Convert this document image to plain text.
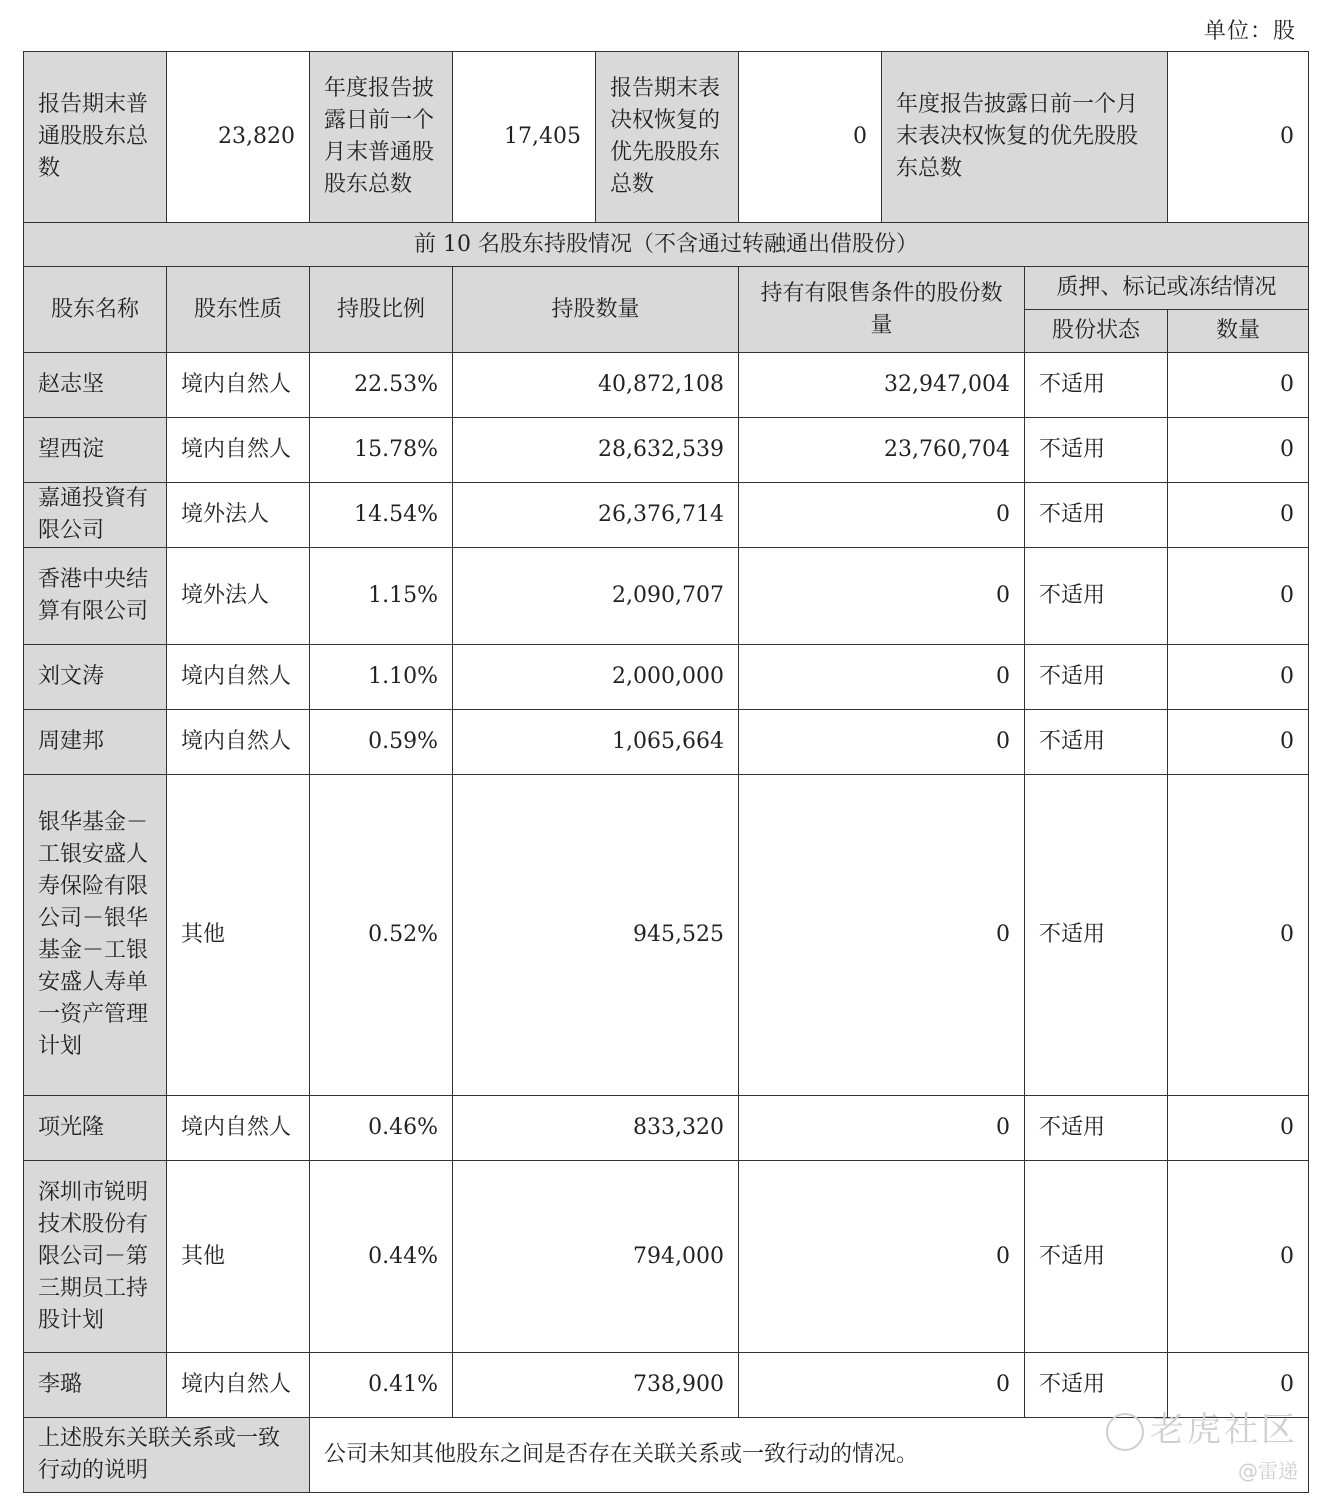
单位：股
报告期末普通股股东总数	23,820	年度报告披露日前一个月末普通股股东总数	17,405	报告期末表决权恢复的优先股股东总数	0	年度报告披露日前一个月末表决权恢复的优先股股东总数		0
前 10 名股东持股情况（不含通过转融通出借股份）								
股东名称	股东性质	持股比例	持股数量		持有有限售条件的股份数量		质押、标记或冻结情况	
							股份状态	数量
赵志坚	境内自然人	22.53%	40,872,108		32,947,004		不适用	0
望西淀	境内自然人	15.78%	28,632,539		23,760,704		不适用	0
嘉通投資有限公司	境外法人	14.54%	26,376,714		0		不适用	0
香港中央结算有限公司	境外法人	1.15%	2,090,707		0		不适用	0
刘文涛	境内自然人	1.10%	2,000,000		0		不适用	0
周建邦	境内自然人	0.59%	1,065,664		0		不适用	0
银华基金－工银安盛人寿保险有限公司－银华基金－工银安盛人寿单一资产管理计划	其他	0.52%	945,525		0		不适用	0
项光隆	境内自然人	0.46%	833,320		0		不适用	0
深圳市锐明技术股份有限公司－第三期员工持股计划	其他	0.44%	794,000		0		不适用	0
李璐	境内自然人	0.41%	738,900		0		不适用	0
上述股东关联关系或一致行动的说明		公司未知其他股东之间是否存在关联关系或一致行动的情况。						
老虎社区
@雷递
